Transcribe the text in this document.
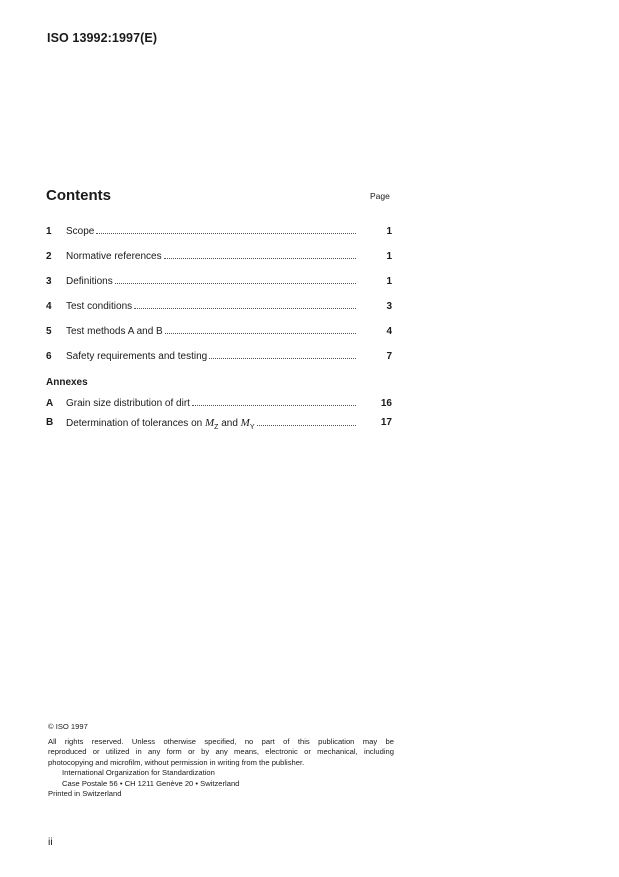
ISO 13992:1997(E)
Contents	Page
1 Scope	1
2 Normative references	1
3 Definitions	1
4 Test conditions	3
5 Test methods A and B	4
6 Safety requirements and testing	7
Annexes
A Grain size distribution of dirt	16
B Determination of tolerances on $M_Z$ and $M_Y$	17
© ISO 1997
All rights reserved. Unless otherwise specified, no part of this publication may be
reproduced or utilized in any form or by any means, electronic or mechanical, including
photocopying and microfilm, without permission in writing from the publisher.
International Organization for Standardization
Case Postale 56 • CH 1211 Genève 20 • Switzerland
Printed in Switzerland
ii
